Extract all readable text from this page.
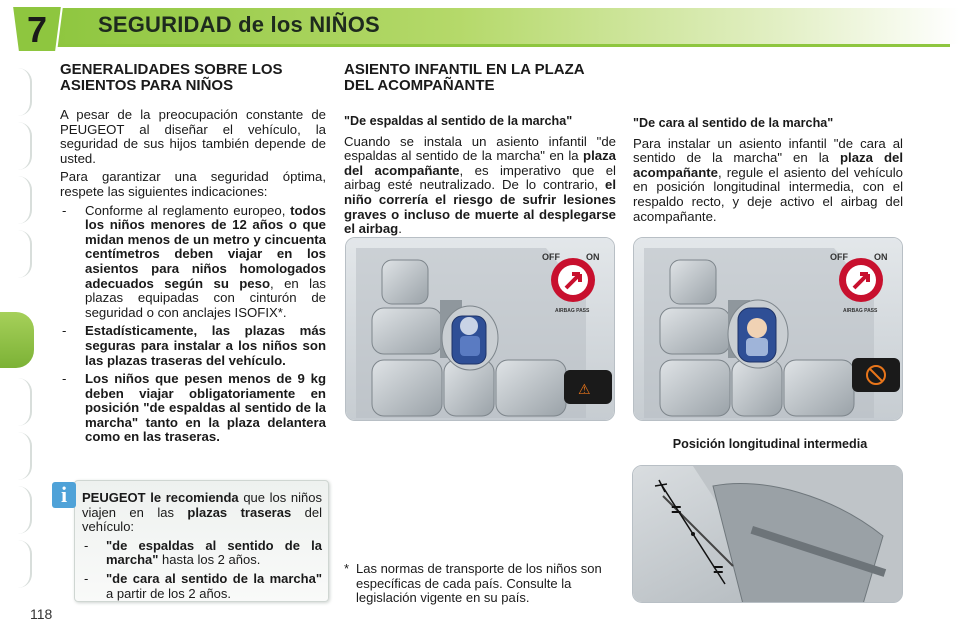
7 SEGURIDAD de los NIÑOS
118
GENERALIDADES SOBRE LOS ASIENTOS PARA NIÑOS

A pesar de la preocupación constante de PEUGEOT al diseñar el vehículo, la seguridad de sus hijos también depende de usted.

Para garantizar una seguridad óptima, respete las siguientes indicaciones:

- Conforme al reglamento europeo, todos los niños menores de 12 años o que midan menos de un metro y cincuenta centímetros deben viajar en los asientos para niños homologados adecuados según su peso, en las plazas equipadas con cinturón de seguridad o con anclajes ISOFIX*.
- Estadísticamente, las plazas más seguras para instalar a los niños son las plazas traseras del vehículo.
- Los niños que pesen menos de 9 kg deben viajar obligatoriamente en posición "de espaldas al sentido de la marcha" tanto en la plaza delantera como en las traseras.
i	PEUGEOT le recomienda que los niños viajen en las plazas traseras del vehículo:

- "de espaldas al sentido de la marcha" hasta los 2 años.
- "de cara al sentido de la marcha" a partir de los 2 años.
ASIENTO INFANTIL EN LA PLAZA DEL ACOMPAÑANTE
"De espaldas al sentido de la marcha"

Cuando se instala un asiento infantil "de espaldas al sentido de la marcha" en la plaza del acompañante, es imperativo que el airbag esté neutralizado. De lo contrario, el niño correría el riesgo de sufrir lesiones graves o incluso de muerte al desplegarse el airbag.

"De cara al sentido de la marcha"

Para instalar un asiento infantil "de cara al sentido de la marcha" en la plaza del acompañante, regule el asiento del vehículo en posición longitudinal intermedia, con el respaldo recto, y deje activo el airbag del acompañante.

OFF	ON
AIRBAG PASS
⚠
OFF	ON
AIRBAG PASS
Posición longitudinal intermedia
=
=
* Las normas de transporte de los niños son específicas de cada país. Consulte la legislación vigente en su país.
